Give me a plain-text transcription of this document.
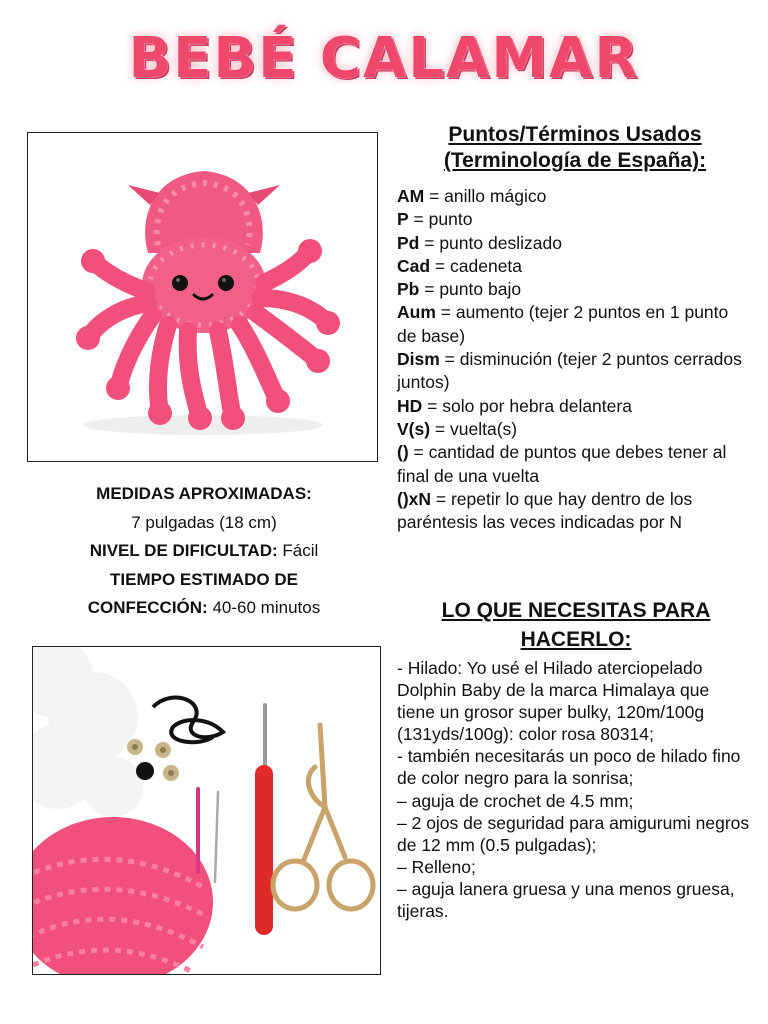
BEBÉ CALAMAR
MEDIDAS APROXIMADAS:
7 pulgadas (18 cm)
NIVEL DE DIFICULTAD: Fácil
TIEMPO ESTIMADO DE
CONFECCIÓN: 40-60 minutos
Puntos/Términos Usados
(Terminología de España):
AM = anillo mágico
P = punto
Pd = punto deslizado
Cad = cadeneta
Pb = punto bajo
Aum = aumento (tejer 2 puntos en 1 punto de base)
Dism = disminución (tejer 2 puntos cerrados juntos)
HD = solo por hebra delantera
V(s) = vuelta(s)
() = cantidad de puntos que debes tener al final de una vuelta
()xN = repetir lo que hay dentro de los paréntesis las veces indicadas por N
LO QUE NECESITAS PARA
HACERLO:
- Hilado: Yo usé el Hilado aterciopelado Dolphin Baby de la marca Himalaya que tiene un grosor super bulky, 120m/100g (131yds/100g): color rosa 80314;
- también necesitarás un poco de hilado fino de color negro para la sonrisa;
– aguja de crochet de 4.5 mm;
– 2 ojos de seguridad para amigurumi negros de 12 mm (0.5 pulgadas);
– Relleno;
– aguja lanera gruesa y una menos gruesa, tijeras.
